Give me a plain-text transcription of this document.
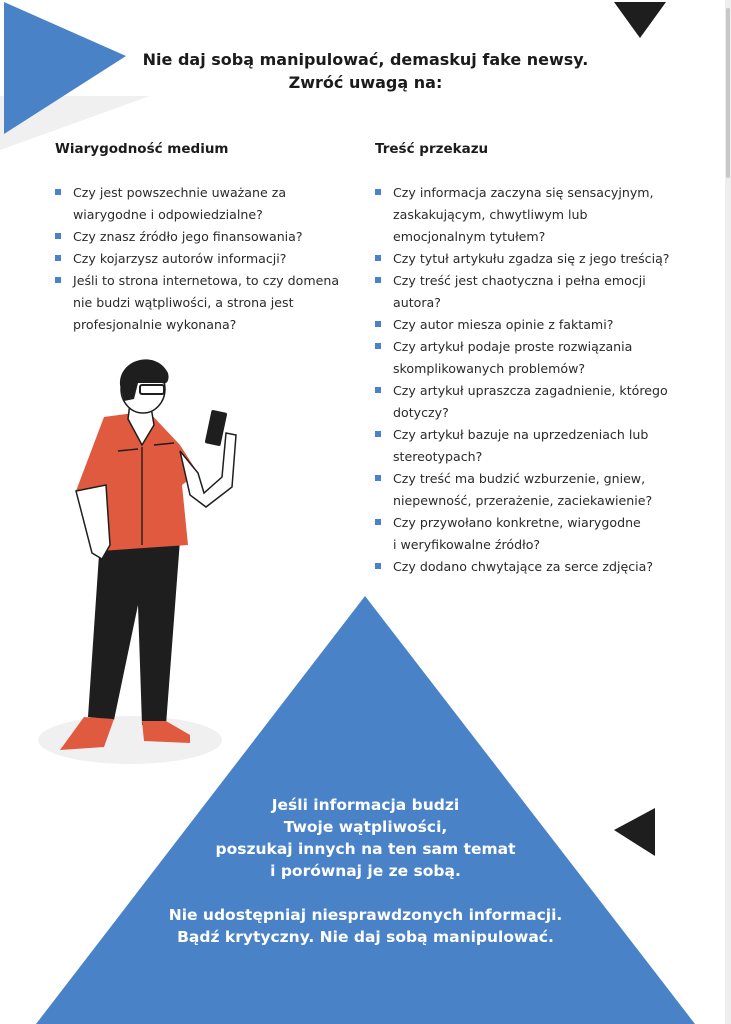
Nie daj sobą manipulować, demaskuj fake newsy.
Zwróć uwagą na:
Wiarygodność medium
Czy jest powszechnie uważane za
wiarygodne i odpowiedzialne?
Czy znasz źródło jego finansowania?
Czy kojarzysz autorów informacji?
Jeśli to strona internetowa, to czy domena
nie budzi wątpliwości, a strona jest
profesjonalnie wykonana?
Treść przekazu
Czy informacja zaczyna się sensacyjnym,
zaskakującym, chwytliwym lub
emocjonalnym tytułem?
Czy tytuł artykułu zgadza się z jego treścią?
Czy treść jest chaotyczna i pełna emocji
autora?
Czy autor miesza opinie z faktami?
Czy artykuł podaje proste rozwiązania
skomplikowanych problemów?
Czy artykuł upraszcza zagadnienie, którego
dotyczy?
Czy artykuł bazuje na uprzedzeniach lub
stereotypach?
Czy treść ma budzić wzburzenie, gniew,
niepewność, przerażenie, zaciekawienie?
Czy przywołano konkretne, wiarygodne
i weryfikowalne źródło?
Czy dodano chwytające za serce zdjęcia?
Jeśli informacja budzi
Twoje wątpliwości,
poszukaj innych na ten sam temat
i porównaj je ze sobą.
Nie udostępniaj niesprawdzonych informacji.
Bądź krytyczny. Nie daj sobą manipulować.
